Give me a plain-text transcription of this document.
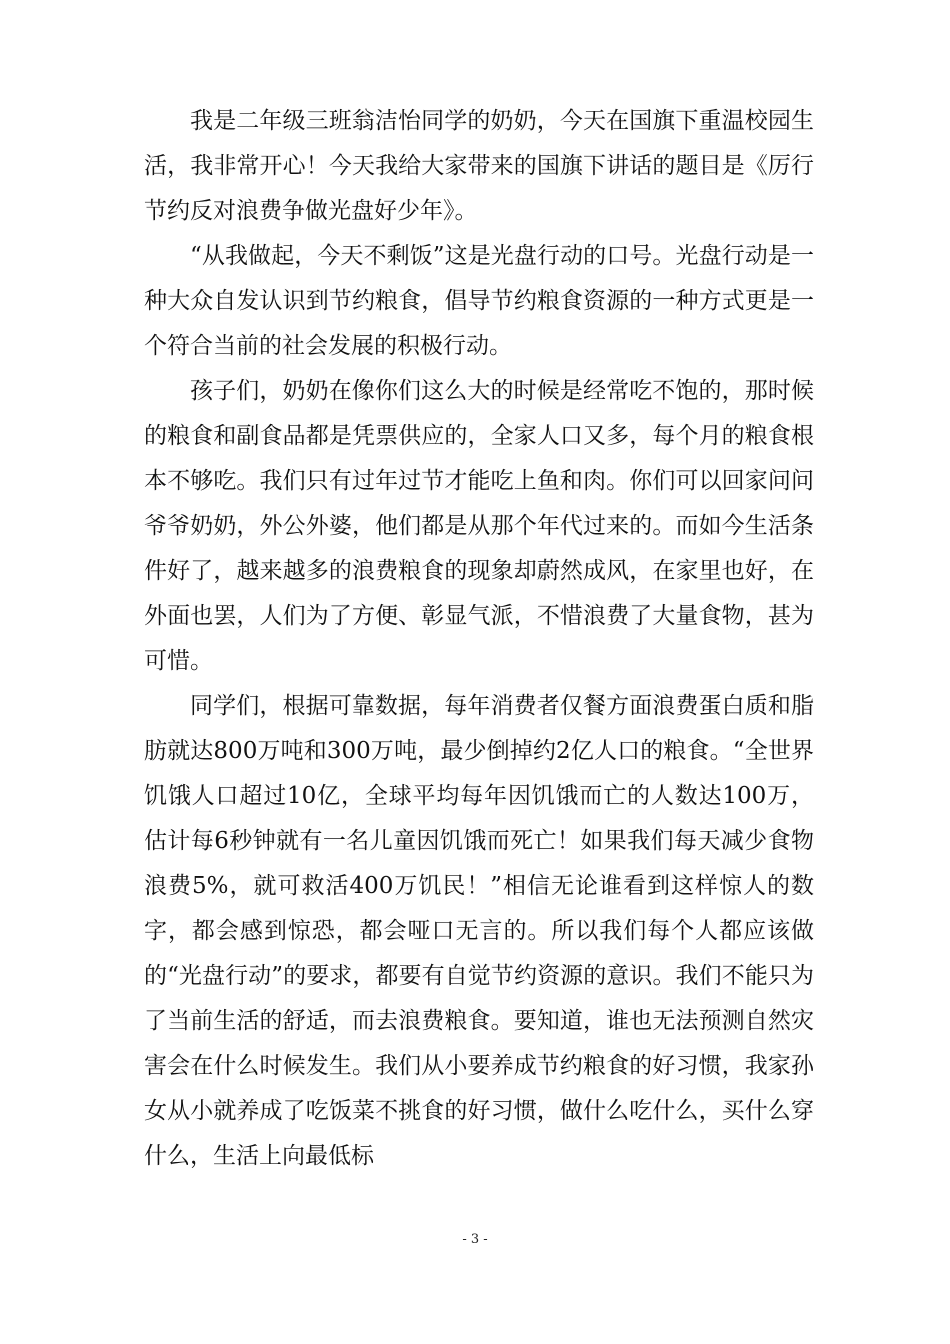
我是二年级三班翁洁怡同学的奶奶，今天在国旗下重温校园生活，我非常开心！今天我给大家带来的国旗下讲话的题目是《厉行节约反对浪费争做光盘好少年》。

“从我做起，今天不剩饭”这是光盘行动的口号。光盘行动是一种大众自发认识到节约粮食，倡导节约粮食资源的一种方式更是一个符合当前的社会发展的积极行动。

孩子们，奶奶在像你们这么大的时候是经常吃不饱的，那时候的粮食和副食品都是凭票供应的，全家人口又多，每个月的粮食根本不够吃。我们只有过年过节才能吃上鱼和肉。你们可以回家问问爷爷奶奶，外公外婆，他们都是从那个年代过来的。而如今生活条件好了，越来越多的浪费粮食的现象却蔚然成风，在家里也好，在外面也罢，人们为了方便、彰显气派，不惜浪费了大量食物，甚为可惜。

同学们，根据可靠数据，每年消费者仅餐方面浪费蛋白质和脂肪就达800万吨和300万吨，最少倒掉约2亿人口的粮食。“全世界饥饿人口超过10亿，全球平均每年因饥饿而亡的人数达100万，估计每6秒钟就有一名儿童因饥饿而死亡！如果我们每天减少食物浪费5%，就可救活400万饥民！”相信无论谁看到这样惊人的数字，都会感到惊恐，都会哑口无言的。所以我们每个人都应该做的“光盘行动”的要求，都要有自觉节约资源的意识。我们不能只为了当前生活的舒适，而去浪费粮食。要知道，谁也无法预测自然灾害会在什么时候发生。我们从小要养成节约粮食的好习惯，我家孙女从小就养成了吃饭菜不挑食的好习惯，做什么吃什么，买什么穿什么，生活上向最低标

- 3 -
